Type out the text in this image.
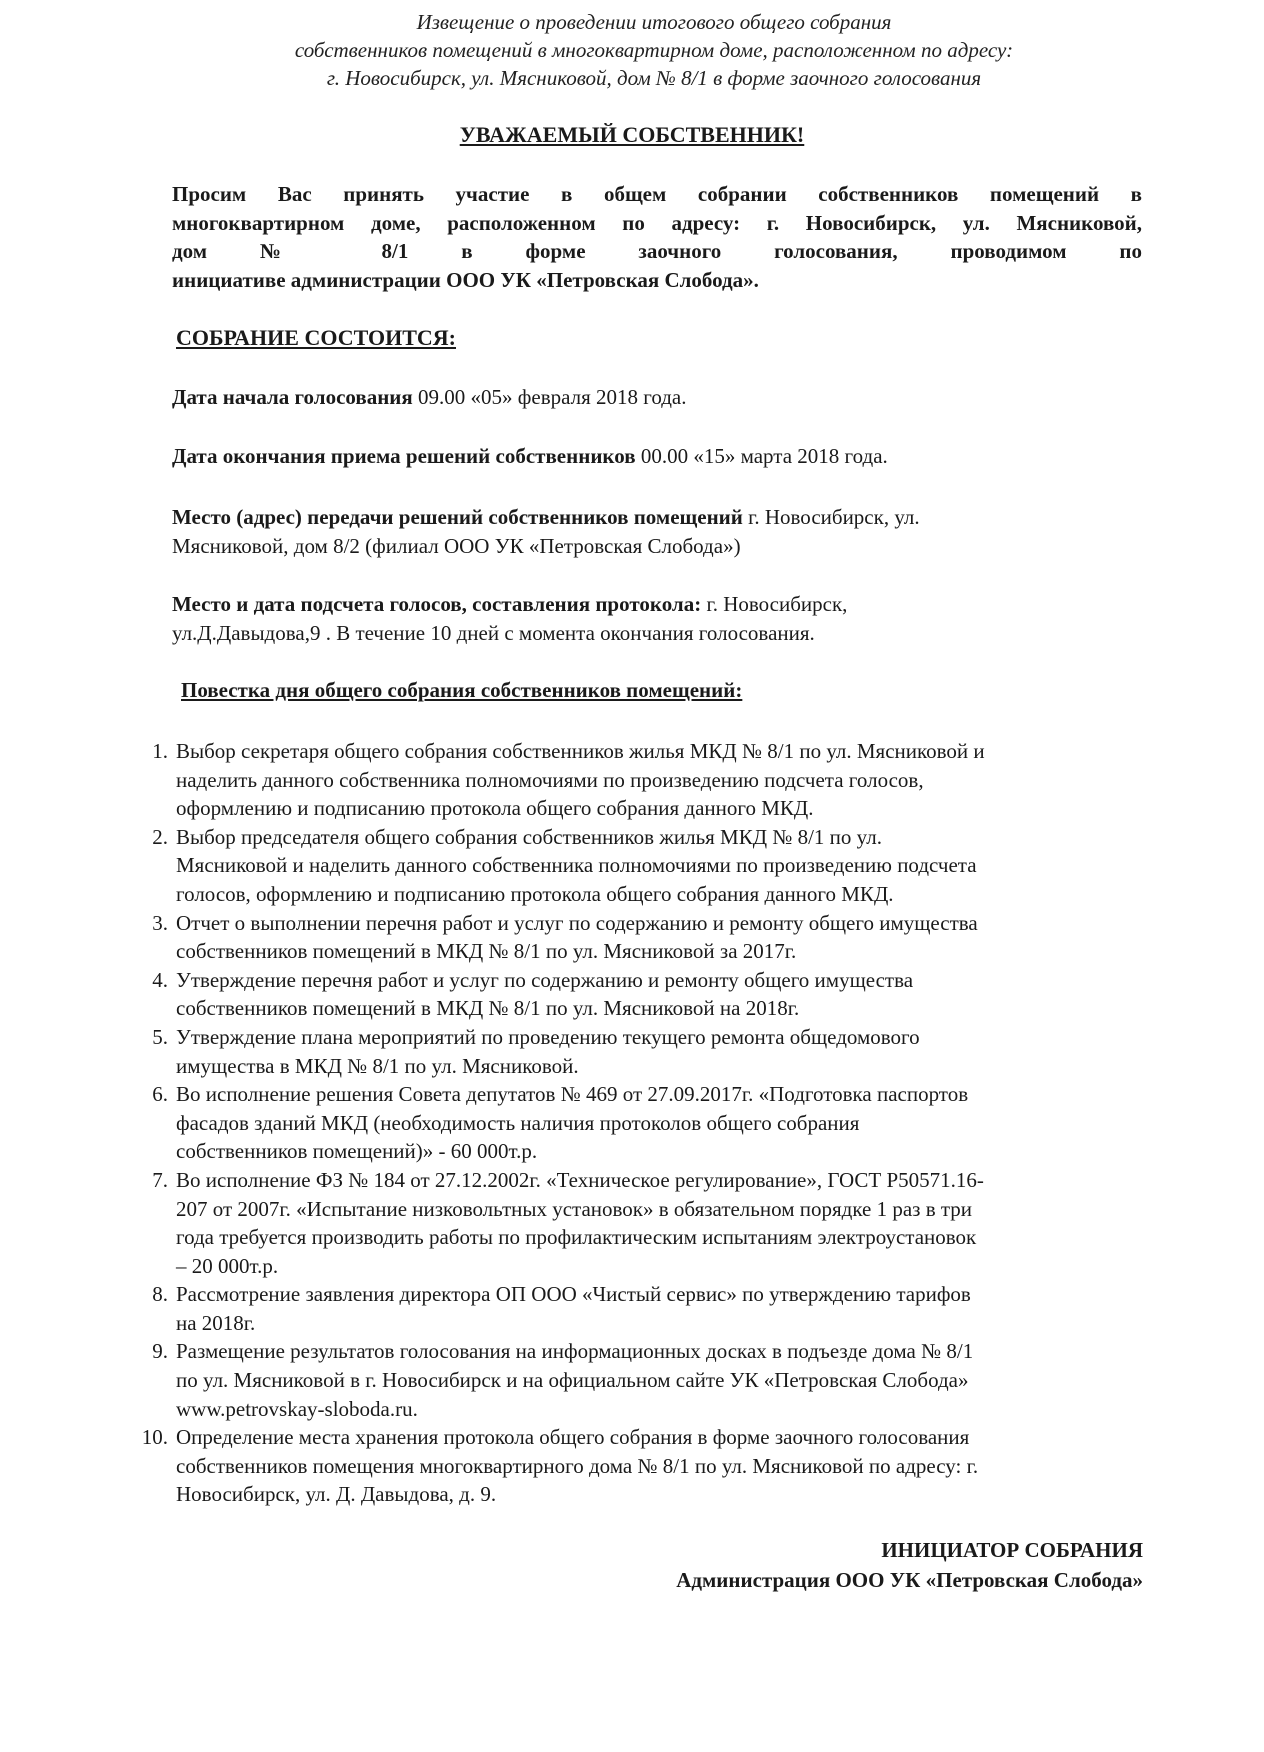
Извещение о проведении итогового общего собрания
собственников помещений в многоквартирном доме, расположенном по адресу:
г. Новосибирск, ул. Мясниковой, дом № 8/1 в форме заочного голосования
УВАЖАЕМЫЙ СОБСТВЕННИК!
Просим Вас принять участие в общем собрании собственников помещений в
многоквартирном доме, расположенном по адресу: г. Новосибирск, ул. Мясниковой,
дом № 8/1 в форме заочного голосования, проводимом по
инициативе администрации ООО УК «Петровская Слобода».
СОБРАНИЕ СОСТОИТСЯ:
Дата начала голосования 09.00 «05» февраля 2018 года.
Дата окончания приема решений собственников 00.00 «15» марта 2018 года.
Место (адрес) передачи решений собственников помещений г. Новосибирск, ул.
Мясниковой, дом 8/2 (филиал ООО УК «Петровская Слобода»)
Место и дата подсчета голосов, составления протокола: г. Новосибирск,
ул.Д.Давыдова,9 . В течение 10 дней с момента окончания голосования.
Повестка дня общего собрания собственников помещений:
1. Выбор секретаря общего собрания собственников жилья МКД № 8/1 по ул. Мясниковой и
наделить данного собственника полномочиями по произведению подсчета голосов,
оформлению и подписанию протокола общего собрания данного МКД.
2. Выбор председателя общего собрания собственников жилья МКД № 8/1 по ул.
Мясниковой и наделить данного собственника полномочиями по произведению подсчета
голосов, оформлению и подписанию протокола общего собрания данного МКД.
3. Отчет о выполнении перечня работ и услуг по содержанию и ремонту общего имущества
собственников помещений в МКД № 8/1 по ул. Мясниковой за 2017г.
4. Утверждение перечня работ и услуг по содержанию и ремонту общего имущества
собственников помещений в МКД № 8/1 по ул. Мясниковой на 2018г.
5. Утверждение плана мероприятий по проведению текущего ремонта общедомового
имущества в МКД № 8/1 по ул. Мясниковой.
6. Во исполнение решения Совета депутатов № 469 от 27.09.2017г. «Подготовка паспортов
фасадов зданий МКД (необходимость наличия протоколов общего собрания
собственников помещений)» - 60 000т.р.
7. Во исполнение ФЗ № 184 от 27.12.2002г. «Техническое регулирование», ГОСТ Р50571.16-
207 от 2007г. «Испытание низковольтных установок» в обязательном порядке 1 раз в три
года требуется производить работы по профилактическим испытаниям электроустановок
– 20 000т.р.
8. Рассмотрение заявления директора ОП ООО «Чистый сервис» по утверждению тарифов
на 2018г.
9. Размещение результатов голосования на информационных досках в подъезде дома № 8/1
по ул. Мясниковой в г. Новосибирск и на официальном сайте УК «Петровская Слобода»
www.petrovskay-sloboda.ru.
10. Определение места хранения протокола общего собрания в форме заочного голосования
собственников помещения многоквартирного дома № 8/1 по ул. Мясниковой по адресу: г.
Новосибирск, ул. Д. Давыдова, д. 9.
ИНИЦИАТОР СОБРАНИЯ
Администрация ООО УК «Петровская Слобода»
